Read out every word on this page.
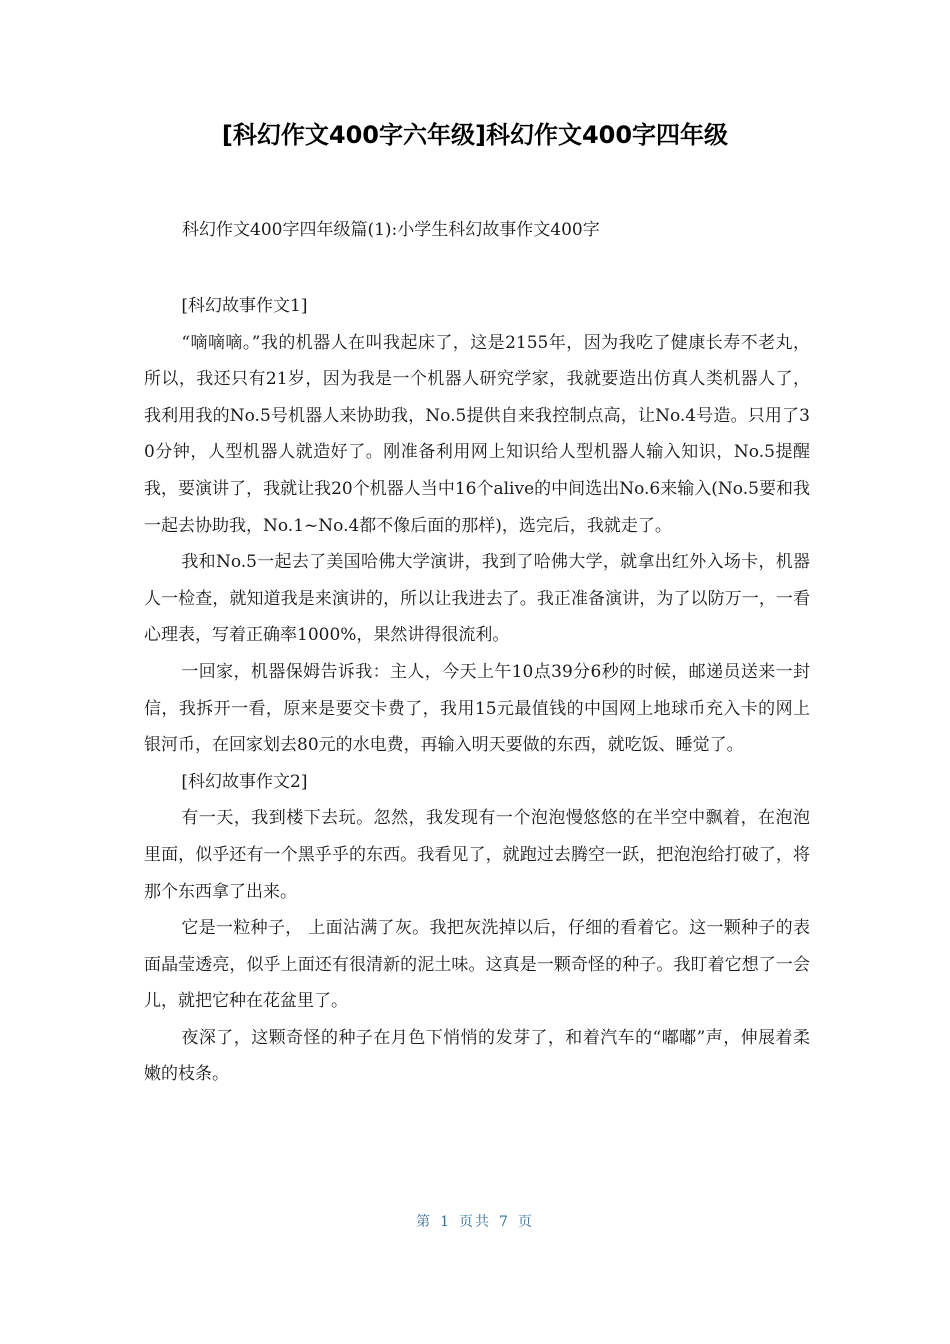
[科幻作文400字六年级]科幻作文400字四年级

科幻作文400字四年级篇(1):小学生科幻故事作文400字

[科幻故事作文1]

“嘀嘀嘀。”我的机器人在叫我起床了，这是2155年，因为我吃了健康长寿不老丸，所以，我还只有21岁，因为我是一个机器人研究学家，我就要造出仿真人类机器人了，我利用我的No.5号机器人来协助我，No.5提供自来我控制点高，让No.4号造。只用了30分钟，人型机器人就造好了。刚准备利用网上知识给人型机器人输入知识，No.5提醒我，要演讲了，我就让我20个机器人当中16个alive的中间选出No.6来输入(No.5要和我一起去协助我，No.1~No.4都不像后面的那样)，选完后，我就走了。

我和No.5一起去了美国哈佛大学演讲，我到了哈佛大学，就拿出红外入场卡，机器人一检查，就知道我是来演讲的，所以让我进去了。我正准备演讲，为了以防万一，一看心理表，写着正确率1000%，果然讲得很流利。

一回家，机器保姆告诉我：主人，今天上午10点39分6秒的时候，邮递员送来一封信，我拆开一看，原来是要交卡费了，我用15元最值钱的中国网上地球币充入卡的网上银河币，在回家划去80元的水电费，再输入明天要做的东西，就吃饭、睡觉了。

[科幻故事作文2]

有一天，我到楼下去玩。忽然，我发现有一个泡泡慢悠悠的在半空中飘着，在泡泡里面，似乎还有一个黑乎乎的东西。我看见了，就跑过去腾空一跃，把泡泡给打破了，将那个东西拿了出来。

它是一粒种子， 上面沾满了灰。我把灰洗掉以后，仔细的看着它。这一颗种子的表面晶莹透亮，似乎上面还有很清新的泥土味。这真是一颗奇怪的种子。我盯着它想了一会儿，就把它种在花盆里了。

夜深了，这颗奇怪的种子在月色下悄悄的发芽了，和着汽车的“嘟嘟”声，伸展着柔嫩的枝条。

第 1 页共 7 页
